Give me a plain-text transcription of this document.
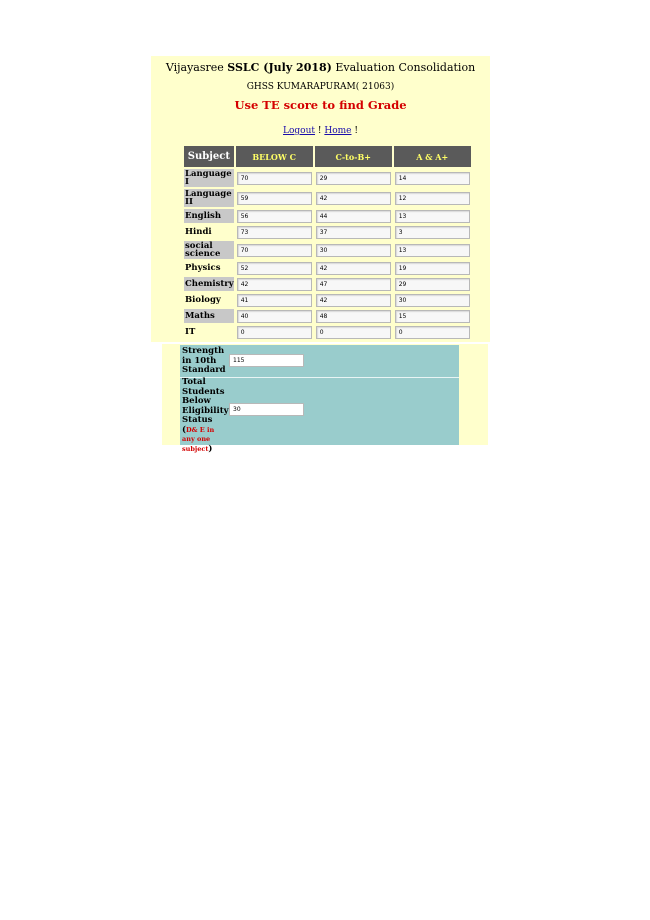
Vijayasree SSLC (July 2018) Evaluation Consolidation
GHSS KUMARAPURAM( 21063)
Use TE score to find Grade
Logout ! Home !
Subject	BELOW C	C-to-B+	A & A+
Language I	70	29	14

Language II	59	42	12

English	56	44	13

Hindi	73	37	3

social science	70	30	13

Physics	52	42	19

Chemistry	42	47	29

Biology	41	42	30

Maths	40	48	15

IT	0	0	0
Strength in 10th Standard
115
Total Students Below Eligibility Status (D& E in any one subject)
30
